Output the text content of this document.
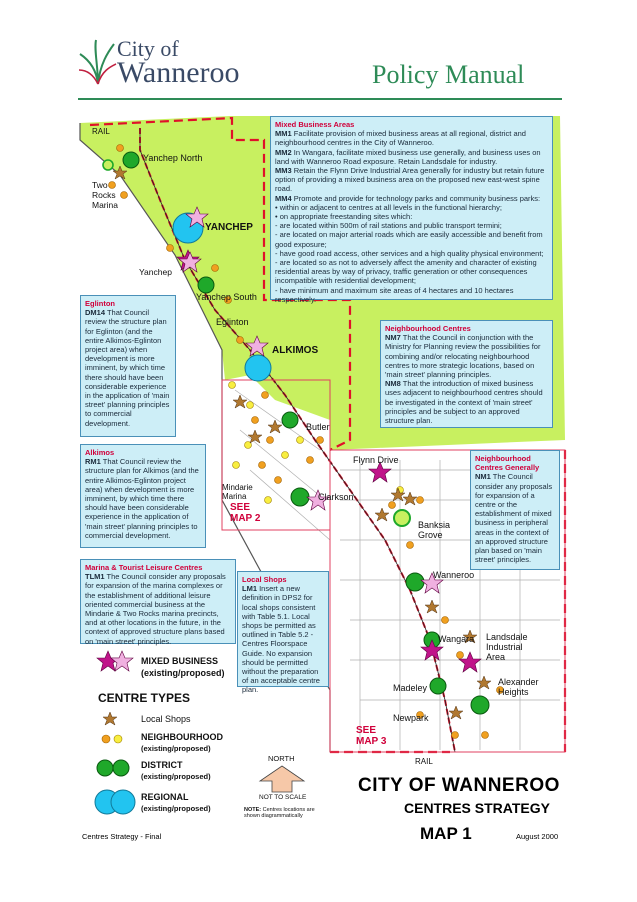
City of
Wanneroo	Policy Manual
RAIL
Yanchep North
Two Rocks Marina
YANCHEP
Yanchep
Yanchep South
Eglinton
ALKIMOS
Butler
Mindarie Marina	Clarkson
SEE MAP 2
Flynn Drive
Banksia Grove
Wanneroo
Wangara Landsdale Industrial Area
Madeley
Alexander Heights
Newpark
SEE MAP 3
RAIL
Mixed Business Areas
MM1 Facilitate provision of mixed business areas at all regional, district and neighbourhood centres in the City of Wanneroo.
MM2 In Wangara, facilitate mixed business use generally, and business uses on land with Wanneroo Road exposure. Retain Landsdale for industry.
MM3 Retain the Flynn Drive Industrial Area generally for industry but retain future option of providing a mixed business area on the proposed new east-west spine road.
MM4 Promote and provide for technology parks and community business parks:
• within or adjacent to centres at all levels in the functional hierarchy;
• on appropriate freestanding sites which:
- are located within 500m of rail stations and public transport termini;
- are located on major arterial roads which are easily accessible and benefit from good exposure;
- have good road access, other services and a high quality physical environment;
- are located so as not to adversely affect the amenity and character of existing residential areas by way of privacy, traffic generation or other consequences incompatible with residential development;
- have minimum and maximum site areas of 4 hectares and 10 hectares respectively.
Eglinton
DM14 That Council review the structure plan for Eglinton (and the entire Alkimos-Eglinton project area) when development is more imminent, by which time there should have been considerable experience in the application of 'main street' planning principles to commercial development.
Alkimos
RM1 That Council review the structure plan for Alkimos (and the entire Alkimos-Eglinton project area) when development is more imminent, by which time there should have been considerable experience in the application of 'main street' planning principles to commercial development.
Marina & Tourist Leisure Centres
TLM1 The Council consider any proposals for expansion of the marina complexes or the establishment of additional leisure oriented commercial business at the Mindarie & Two Rocks marina precincts, and at other locations in the future, in the context of approved structure plans based on 'main street' principles.
Local Shops
LM1 Insert a new definition in DPS2 for local shops consistent with Table 5.1. Local shops be permitted as outlined in Table 5.2 - Centres Floorspace Guide. No expansion should be permitted without the preparation of an acceptable centre plan.
Neighbourhood Centres
NM7 That the Council in conjunction with the Ministry for Planning review the possibilities for combining and/or relocating neighbourhood centres to more strategic locations, based on 'main street' planning principles.
NM8 That the introduction of mixed business uses adjacent to neighbourhood centres should be investigated in the context of 'main street' principles and be subject to an approved structure plan.
Neighbourhood Centres Generally
NM1 The Council consider any proposals for expansion of a centre or the establishment of mixed business in peripheral areas in the context of an approved structure plan based on 'main street' principles.
MIXED BUSINESS
(existing/proposed)
CENTRE TYPES
Local Shops
NEIGHBOURHOOD
(existing/proposed)
DISTRICT
(existing/proposed)
REGIONAL
(existing/proposed)
NORTH
NOT TO SCALE
NOTE: Centres locations are shown diagrammatically
CITY OF WANNEROO
CENTRES STRATEGY
MAP 1
Centres Strategy - Final	August 2000
